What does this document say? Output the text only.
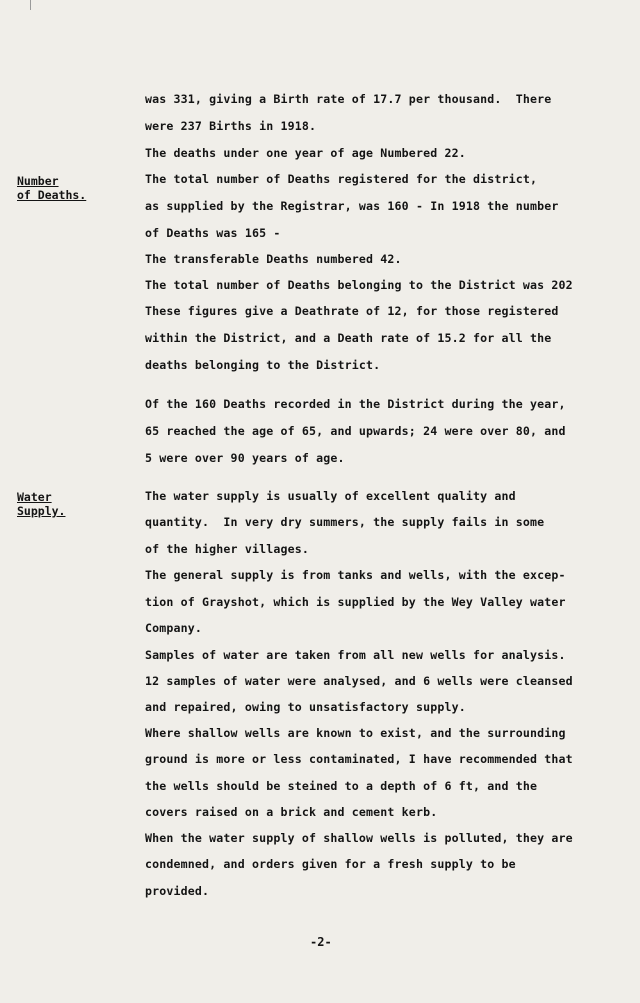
Number
of Deaths.
Water
Supply.
was 331, giving a Birth rate of 17.7 per thousand.  There
were 237 Births in 1918.
The deaths under one year of age Numbered 22.
The total number of Deaths registered for the district,
as supplied by the Registrar, was 160 - In 1918 the number
of Deaths was 165 -
The transferable Deaths numbered 42.
The total number of Deaths belonging to the District was 202
These figures give a Deathrate of 12, for those registered
within the District, and a Death rate of 15.2 for all the
deaths belonging to the District.
Of the 160 Deaths recorded in the District during the year,
65 reached the age of 65, and upwards; 24 were over 80, and
5 were over 90 years of age.
The water supply is usually of excellent quality and
quantity.  In very dry summers, the supply fails in some
of the higher villages.
The general supply is from tanks and wells, with the excep-
tion of Grayshot, which is supplied by the Wey Valley water
Company.
Samples of water are taken from all new wells for analysis.
12 samples of water were analysed, and 6 wells were cleansed
and repaired, owing to unsatisfactory supply.
Where shallow wells are known to exist, and the surrounding
ground is more or less contaminated, I have recommended that
the wells should be steined to a depth of 6 ft, and the
covers raised on a brick and cement kerb.
When the water supply of shallow wells is polluted, they are
condemned, and orders given for a fresh supply to be
provided.
-2-
